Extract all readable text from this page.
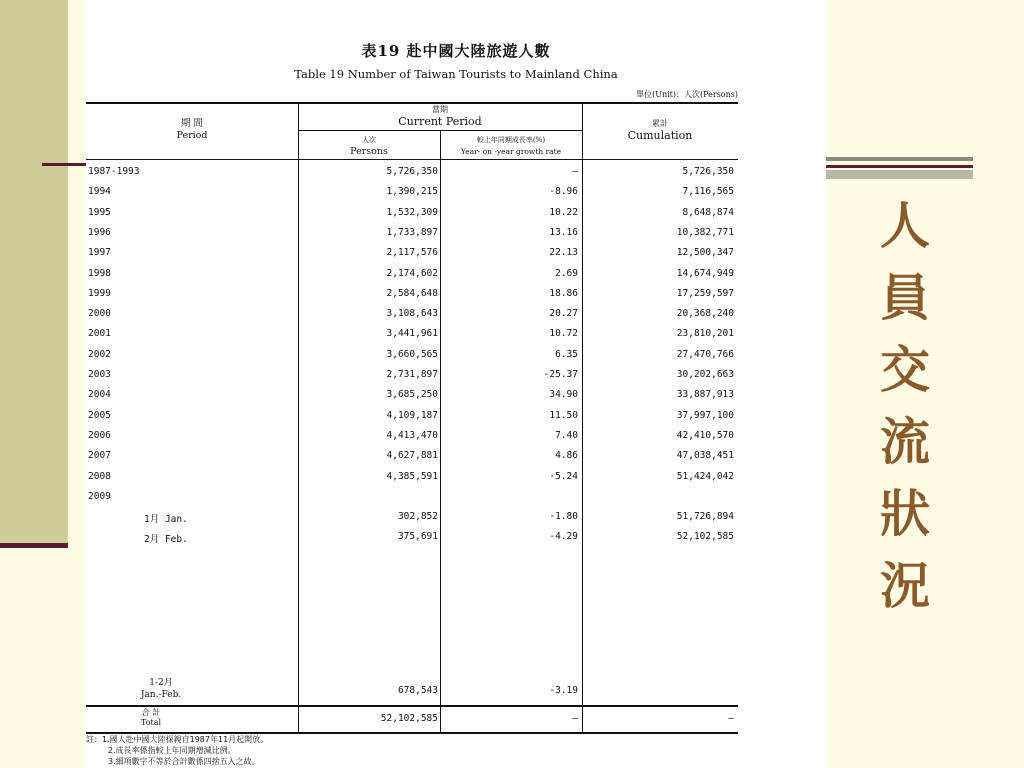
人
員
交
流
狀
況
表19 赴中國大陸旅遊人數
Table 19 Number of Taiwan Tourists to Mainland China
單位(Unit)：人次(Persons)
期 間
Period
當期
Current Period
人次
Persons
較上年同期成長率(%)
Year- on -year growth rate
累計
Cumulation
1987-1993	5,726,350	–	5,726,350
1994	1,390,215	-8.96	7,116,565
1995	1,532,309	10.22	8,648,874
1996	1,733,897	13.16	10,382,771
1997	2,117,576	22.13	12,500,347
1998	2,174,602	2.69	14,674,949
1999	2,584,648	18.86	17,259,597
2000	3,108,643	20.27	20,368,240
2001	3,441,961	10.72	23,810,201
2002	3,660,565	6.35	27,470,766
2003	2,731,897	-25.37	30,202,663
2004	3,685,250	34.90	33,887,913
2005	4,109,187	11.50	37,997,100
2006	4,413,470	7.40	42,410,570
2007	4,627,881	4.86	47,038,451
2008	4,385,591	-5.24	51,424,042
2009
1月 Jan.	302,852	-1.80	51,726,894
2月 Feb.	375,691	-4.29	52,102,585
1-2月
Jan.-Feb.	678,543	-3.19
合 計
Total	52,102,585	–	–
註：1.國人赴中國大陸探親自1987年11月起開放。
2.成長率係指較上年同期增減比例。
3.細項數字不等於合計數係四捨五入之故。
